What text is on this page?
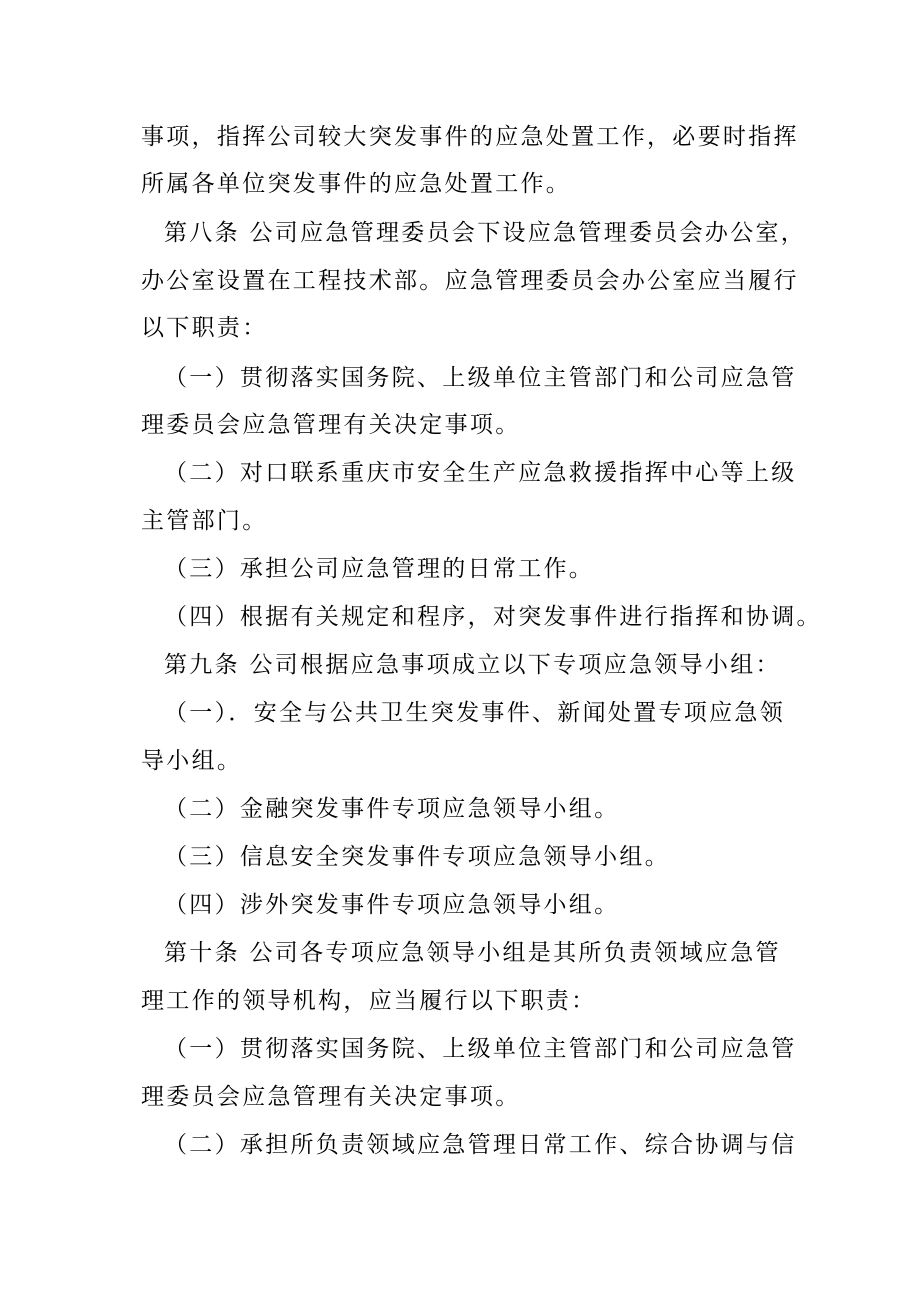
事项，指挥公司较大突发事件的应急处置工作，必要时指挥
所属各单位突发事件的应急处置工作。
第八条 公司应急管理委员会下设应急管理委员会办公室，
办公室设置在工程技术部。应急管理委员会办公室应当履行
以下职责：
（一）贯彻落实国务院、上级单位主管部门和公司应急管
理委员会应急管理有关决定事项。
（二）对口联系重庆市安全生产应急救援指挥中心等上级
主管部门。
（三）承担公司应急管理的日常工作。
（四）根据有关规定和程序，对突发事件进行指挥和协调。
第九条 公司根据应急事项成立以下专项应急领导小组：
（一）．安全与公共卫生突发事件、新闻处置专项应急领
导小组。
（二）金融突发事件专项应急领导小组。
（三）信息安全突发事件专项应急领导小组。
（四）涉外突发事件专项应急领导小组。
第十条 公司各专项应急领导小组是其所负责领域应急管
理工作的领导机构，应当履行以下职责：
（一）贯彻落实国务院、上级单位主管部门和公司应急管
理委员会应急管理有关决定事项。
（二）承担所负责领域应急管理日常工作、综合协调与信
